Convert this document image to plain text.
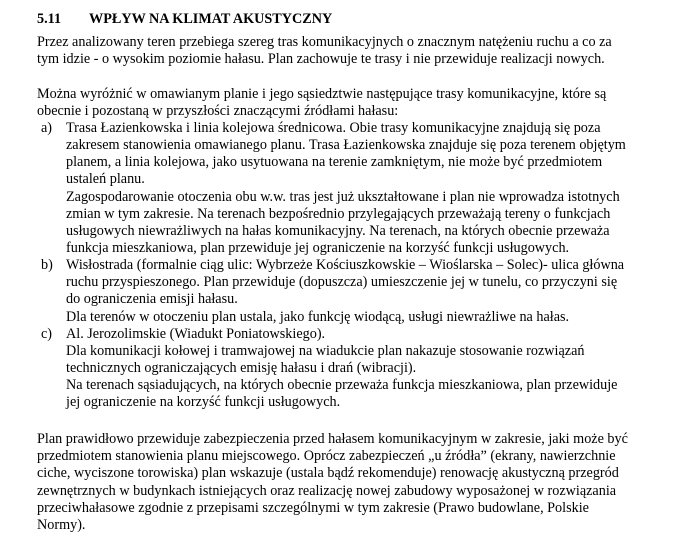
5.11 WPŁYW NA KLIMAT AKUSTYCZNY
Przez analizowany teren przebiega szereg tras komunikacyjnych o znacznym natężeniu ruchu a co za
tym idzie - o wysokim poziomie hałasu. Plan zachowuje te trasy i nie przewiduje realizacji nowych.
Można wyróżnić w omawianym planie i jego sąsiedztwie następujące trasy komunikacyjne, które są
obecnie i pozostaną w przyszłości znaczącymi źródłami hałasu:
a) Trasa Łazienkowska i linia kolejowa średnicowa. Obie trasy komunikacyjne znajdują się poza
zakresem stanowienia omawianego planu. Trasa Łazienkowska znajduje się poza terenem objętym
planem, a linia kolejowa, jako usytuowana na terenie zamkniętym, nie może być przedmiotem
ustaleń planu.
Zagospodarowanie otoczenia obu w.w. tras jest już ukształtowane i plan nie wprowadza istotnych
zmian w tym zakresie. Na terenach bezpośrednio przylegających przeważają tereny o funkcjach
usługowych niewrażliwych na hałas komunikacyjny. Na terenach, na których obecnie przeważa
funkcja mieszkaniowa, plan przewiduje jej ograniczenie na korzyść funkcji usługowych.
b) Wisłostrada (formalnie ciąg ulic: Wybrzeże Kościuszkowskie – Wioślarska – Solec)- ulica główna
ruchu przyspieszonego. Plan przewiduje (dopuszcza) umieszczenie jej w tunelu, co przyczyni się
do ograniczenia emisji hałasu.
Dla terenów w otoczeniu plan ustala, jako funkcję wiodącą, usługi niewrażliwe na hałas.
c) Al. Jerozolimskie (Wiadukt Poniatowskiego).
Dla komunikacji kołowej i tramwajowej na wiadukcie plan nakazuje stosowanie rozwiązań
technicznych ograniczających emisję hałasu i drań (wibracji).
Na terenach sąsiadujących, na których obecnie przeważa funkcja mieszkaniowa, plan przewiduje
jej ograniczenie na korzyść funkcji usługowych.
Plan prawidłowo przewiduje zabezpieczenia przed hałasem komunikacyjnym w zakresie, jaki może być
przedmiotem stanowienia planu miejscowego. Oprócz zabezpieczeń „u źródła” (ekrany, nawierzchnie
ciche, wyciszone torowiska) plan wskazuje (ustala bądź rekomenduje) renowację akustyczną przegród
zewnętrznych w budynkach istniejących oraz realizację nowej zabudowy wyposażonej w rozwiązania
przeciwhałasowe zgodnie z przepisami szczególnymi w tym zakresie (Prawo budowlane, Polskie
Normy).
